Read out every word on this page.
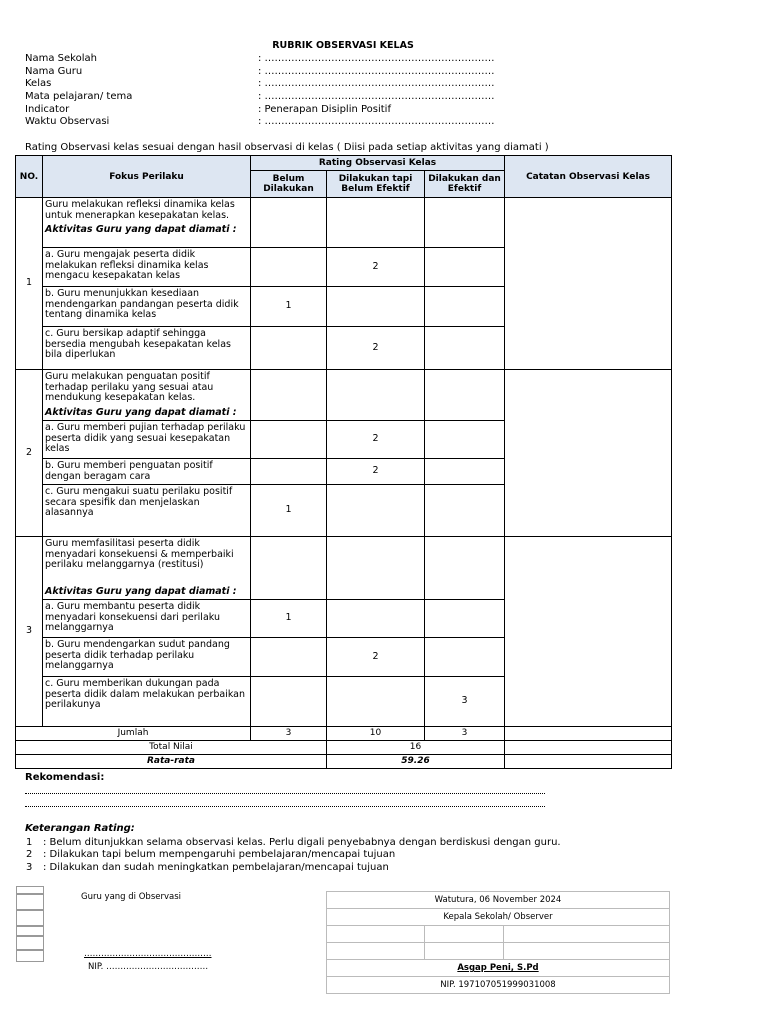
RUBRIK OBSERVASI KELAS
Nama Sekolah	: ……………………………………………………………
Nama Guru	: ……………………………………………………………
Kelas	: ……………………………………………………………
Mata pelajaran/ tema	: ……………………………………………………………
Indicator	: Penerapan Disiplin Positif
Waktu Observasi	: ……………………………………………………………
Rating Observasi kelas sesuai dengan hasil observasi di kelas ( Diisi pada setiap aktivitas yang diamati )
NO.	Fokus Perilaku	Rating Observasi Kelas			Catatan Observasi Kelas
		Belum Dilakukan	Dilakukan tapi Belum Efektif	Dilakukan dan Efektif	
1	Guru melakukan refleksi dinamika kelas untuk menerapkan kesepakatan kelas.
Aktivitas Guru yang dapat diamati :				

	a. Guru mengajak peserta didik melakukan refleksi dinamika kelas mengacu kesepakatan kelas		2		
	b. Guru menunjukkan kesediaan mendengarkan pandangan peserta didik tentang dinamika kelas	1			
	c. Guru bersikap adaptif sehingga bersedia mengubah kesepakatan kelas bila diperlukan		2		
2	Guru melakukan penguatan positif terhadap perilaku yang sesuai atau mendukung kesepakatan kelas.
Aktivitas Guru yang dapat diamati :				

	a. Guru memberi pujian terhadap perilaku peserta didik yang sesuai kesepakatan kelas		2		
	b. Guru memberi penguatan positif dengan beragam cara		2		
	c. Guru mengakui suatu perilaku positif secara spesifik dan menjelaskan alasannya	1			
3	Guru memfasilitasi peserta didik menyadari konsekuensi & memperbaiki perilaku melanggarnya (restitusi)
Aktivitas Guru yang dapat diamati :				

	a. Guru membantu peserta didik menyadari konsekuensi dari perilaku melanggarnya	1			
	b. Guru mendengarkan sudut pandang peserta didik terhadap perilaku melanggarnya		2		
	c. Guru memberikan dukungan pada peserta didik dalam melakukan perbaikan perilakunya			3	
Jumlah		3	10	3	
Total Nilai			16		
Rata-rata			59.26		
Rekomendasi:
Keterangan Rating:
1 : Belum ditunjukkan selama observasi kelas. Perlu digali penyebabnya dengan berdiskusi dengan guru.
2 : Dilakukan tapi belum mempengaruhi pembelajaran/mencapai tujuan
3 : Dilakukan dan sudah meningkatkan pembelajaran/mencapai tujuan
Guru yang di Observasi
………………………………………
NIP. ………………………………
Watutura, 06 November 2024		
Kepala Sekolah/ Observer		

Asgap Peni, S.Pd		
NIP. 197107051999031008		
